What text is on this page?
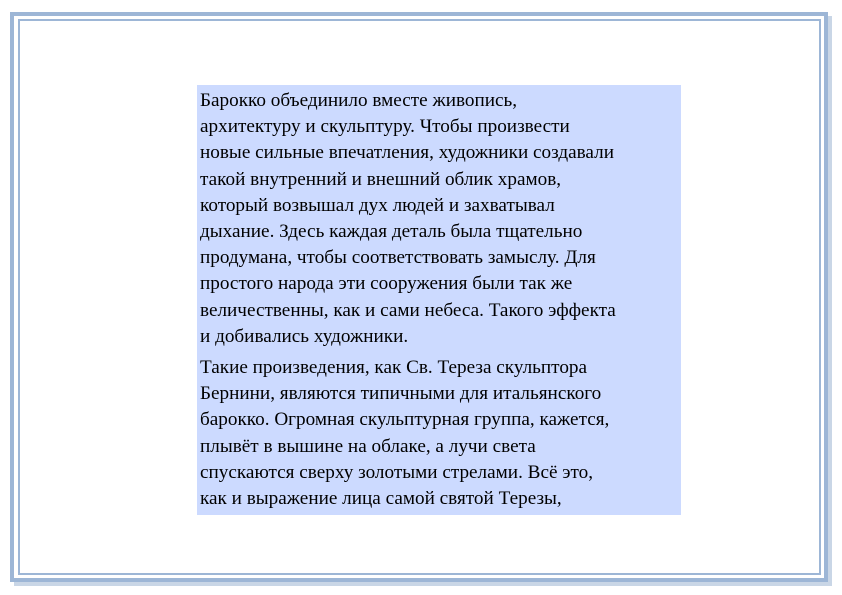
Барокко объединило вместе живопись,
архитектуру и скульптуру. Чтобы произвести
новые сильные впечатления, художники создавали
такой внутренний и внешний облик храмов,
который возвышал дух людей и захватывал
дыхание. Здесь каждая деталь была тщательно
продумана, чтобы соответствовать замыслу. Для
простого народа эти сооружения были так же
величественны, как и сами небеса. Такого эффекта
и добивались художники.

Такие произведения, как Св. Тереза скульптора
Бернини, являются типичными для итальянского
барокко. Огромная скульптурная группа, кажется,
плывёт в вышине на облаке, а лучи света
спускаются сверху золотыми стрелами. Всё это,
как и выражение лица самой святой Терезы,
